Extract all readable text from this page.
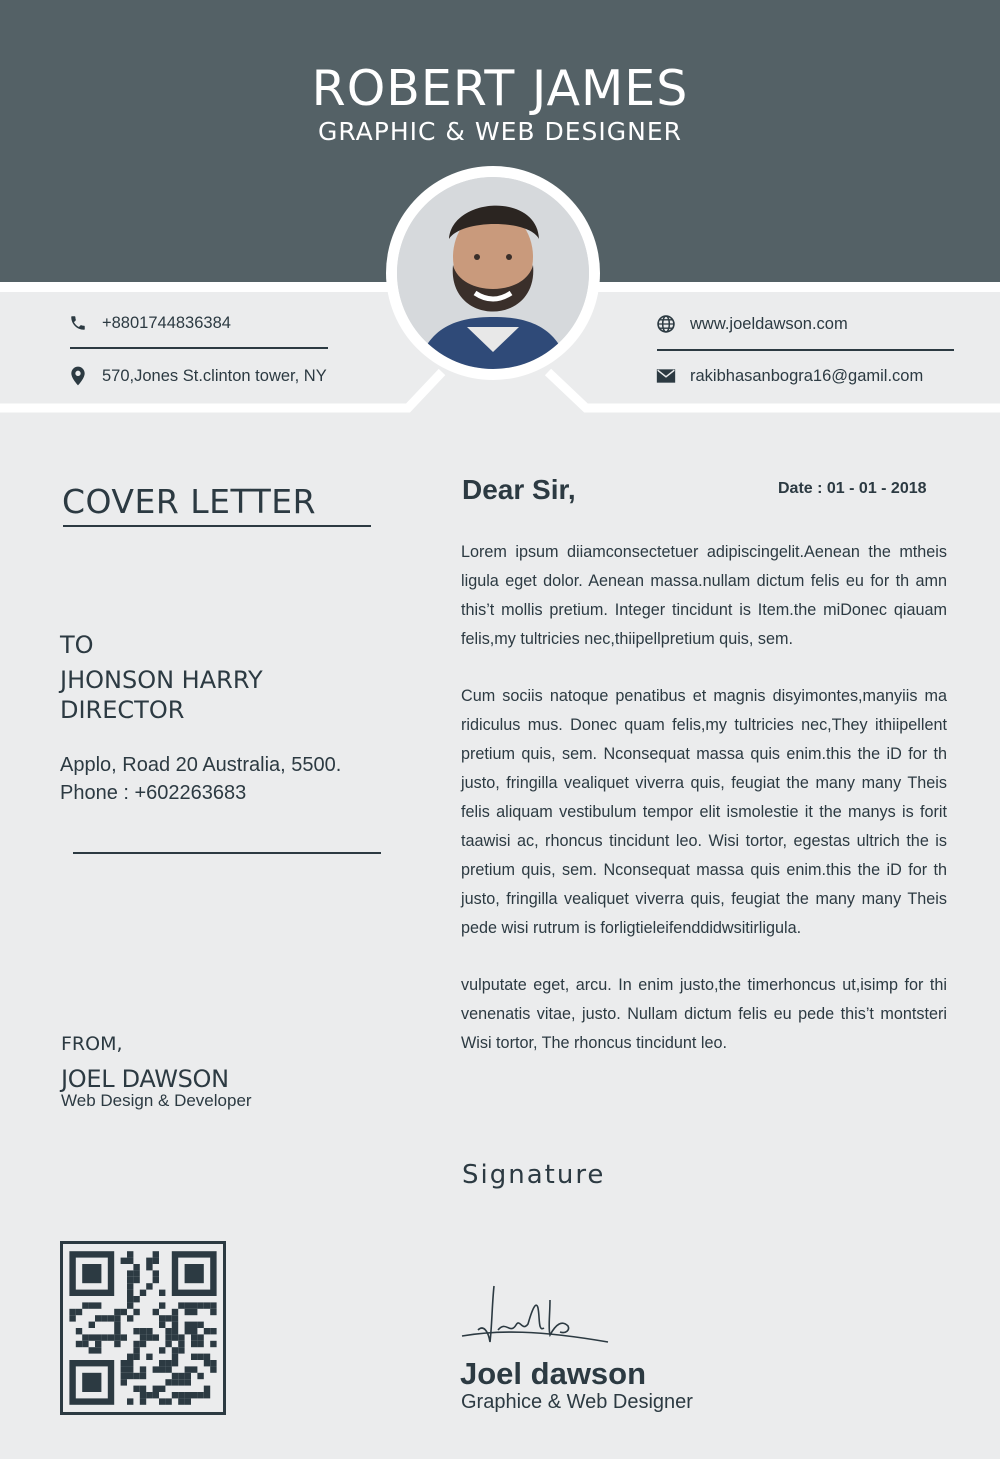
ROBERT JAMES
GRAPHIC & WEB DESIGNER
+8801744836384
570,Jones St.clinton tower, NY
www.joeldawson.com
rakibhasanbogra16@gamil.com
COVER LETTER
TO
JHONSON HARRY
DIRECTOR
Applo, Road 20 Australia, 5500.
Phone : +602263683
FROM,
JOEL DAWSON
Web Design & Developer
Dear Sir,	Date : 01 - 01 - 2018
Lorem ipsum diiamconsectetuer adipiscingelit.Aenean the mtheis ligula eget dolor. Aenean massa.nullam dictum felis eu for th amn this’t mollis pretium. Integer tincidunt is Item.the miDonec qiauam felis,my tultricies nec,thiipellpretium quis, sem.
Cum sociis natoque penatibus et magnis disyimontes,manyiis ma ridiculus mus. Donec quam felis,my tultricies nec,They ithiipellent pretium quis, sem. Nconsequat massa quis enim.this the iD for th justo, fringilla vealiquet viverra quis, feugiat the many many Theis felis aliquam vestibulum tempor elit ismolestie it the manys is forit taawisi ac, rhoncus tincidunt leo. Wisi tortor, egestas ultrich the is pretium quis, sem. Nconsequat massa quis enim.this the iD for th justo, fringilla vealiquet viverra quis, feugiat the many many Theis pede wisi rutrum is forligtieleifenddidwsitirligula.
vulputate eget, arcu. In enim justo,the timerhoncus ut,isimp for thi venenatis vitae, justo. Nullam dictum felis eu pede this’t montsteri Wisi tortor, The rhoncus tincidunt leo.
Signature
Joel dawson
Graphice & Web Designer
